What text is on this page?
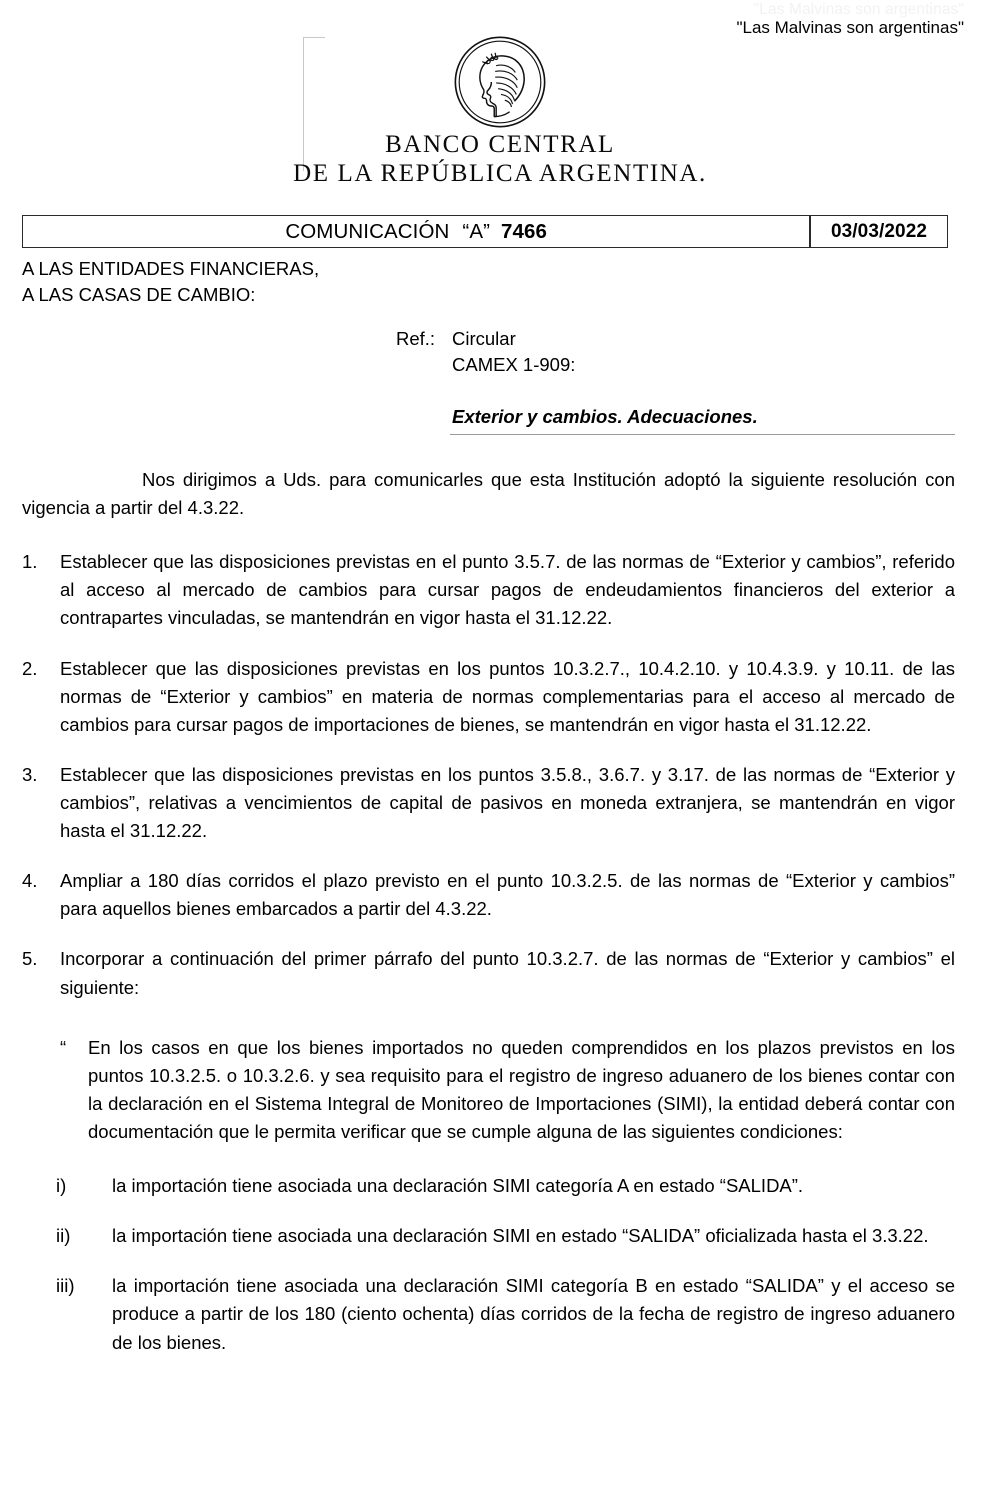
"Las Malvinas son argentinas"
"Las Malvinas son argentinas"
BANCO CENTRAL
DE LA REPÚBLICA ARGENTINA.
COMUNICACIÓN “A” 7466	03/03/2022
A LAS ENTIDADES FINANCIERAS,
A LAS CASAS DE CAMBIO:
Ref.: Circular
CAMEX 1-909:
Exterior y cambios. Adecuaciones.

Nos dirigimos a Uds. para comunicarles que esta Institución adoptó la siguiente resolución con vigencia a partir del 4.3.22.

1.	Establecer que las disposiciones previstas en el punto 3.5.7. de las normas de “Exterior y cambios”, referido al acceso al mercado de cambios para cursar pagos de endeudamientos financieros del exterior a contrapartes vinculadas, se mantendrán en vigor hasta el 31.12.22.
2.	Establecer que las disposiciones previstas en los puntos 10.3.2.7., 10.4.2.10. y 10.4.3.9. y 10.11. de las normas de “Exterior y cambios” en materia de normas complementarias para el acceso al mercado de cambios para cursar pagos de importaciones de bienes, se mantendrán en vigor hasta el 31.12.22.
3.	Establecer que las disposiciones previstas en los puntos 3.5.8., 3.6.7. y 3.17. de las normas de “Exterior y cambios”, relativas a vencimientos de capital de pasivos en moneda extranjera, se mantendrán en vigor hasta el 31.12.22.
4.	Ampliar a 180 días corridos el plazo previsto en el punto 10.3.2.5. de las normas de “Exterior y cambios” para aquellos bienes embarcados a partir del 4.3.22.
5.	Incorporar a continuación del primer párrafo del punto 10.3.2.7. de las normas de “Exterior y cambios” el siguiente:
“	En los casos en que los bienes importados no queden comprendidos en los plazos previstos en los puntos 10.3.2.5. o 10.3.2.6. y sea requisito para el registro de ingreso aduanero de los bienes contar con la declaración en el Sistema Integral de Monitoreo de Importaciones (SIMI), la entidad deberá contar con documentación que le permita verificar que se cumple alguna de las siguientes condiciones:
i)	la importación tiene asociada una declaración SIMI categoría A en estado “SALIDA”.
ii)	la importación tiene asociada una declaración SIMI en estado “SALIDA” oficializada hasta el 3.3.22.
iii)	la importación tiene asociada una declaración SIMI categoría B en estado “SALIDA” y el acceso se produce a partir de los 180 (ciento ochenta) días corridos de la fecha de registro de ingreso aduanero de los bienes.
